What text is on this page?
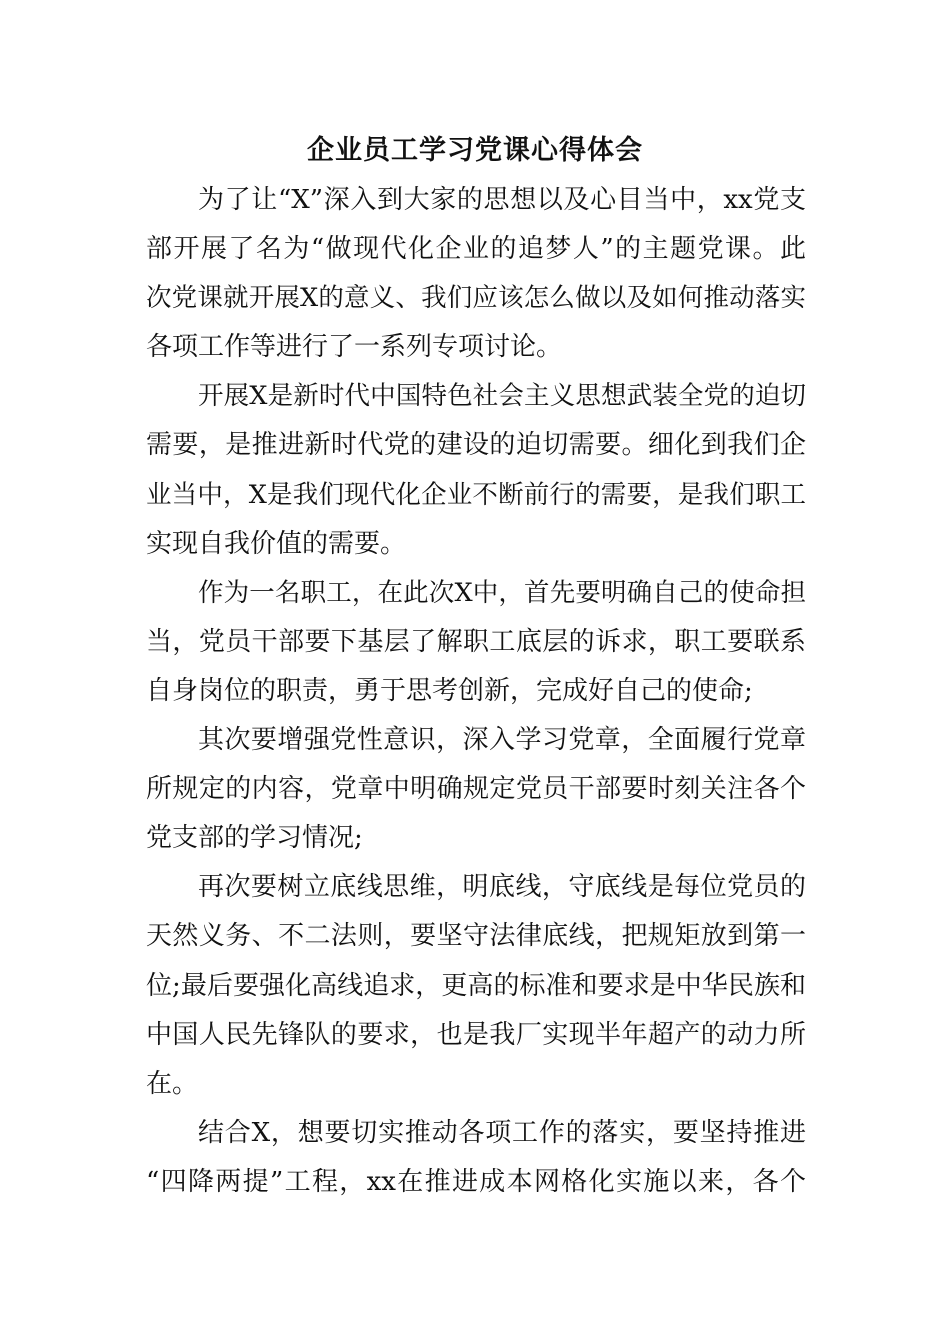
企业员工学习党课心得体会
为了让“X”深入到大家的思想以及心目当中，xx党支
部开展了名为“做现代化企业的追梦人”的主题党课。此
次党课就开展X的意义、我们应该怎么做以及如何推动落实
各项工作等进行了一系列专项讨论。
开展X是新时代中国特色社会主义思想武装全党的迫切
需要，是推进新时代党的建设的迫切需要。细化到我们企
业当中，X是我们现代化企业不断前行的需要，是我们职工
实现自我价值的需要。
作为一名职工，在此次X中，首先要明确自己的使命担
当，党员干部要下基层了解职工底层的诉求，职工要联系
自身岗位的职责，勇于思考创新，完成好自己的使命;
其次要增强党性意识，深入学习党章，全面履行党章
所规定的内容，党章中明确规定党员干部要时刻关注各个
党支部的学习情况;
再次要树立底线思维，明底线，守底线是每位党员的
天然义务、不二法则，要坚守法律底线，把规矩放到第一
位;最后要强化高线追求，更高的标准和要求是中华民族和
中国人民先锋队的要求，也是我厂实现半年超产的动力所
在。
结合X，想要切实推动各项工作的落实，要坚持推进
“四降两提”工程，xx在推进成本网格化实施以来，各个
